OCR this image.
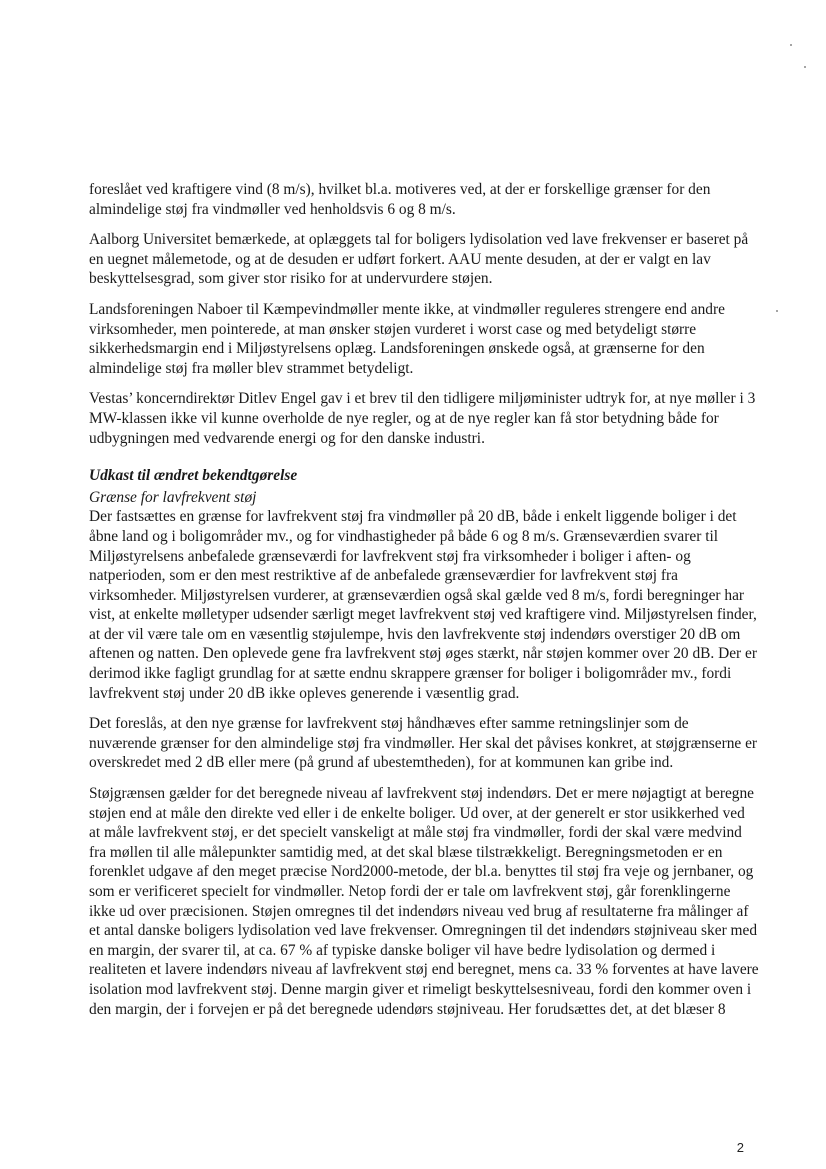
foreslået ved kraftigere vind (8 m/s), hvilket bl.a. motiveres ved, at der er forskellige grænser for den almindelige støj fra vindmøller ved henholdsvis 6 og 8 m/s.

Aalborg Universitet bemærkede, at oplæggets tal for boligers lydisolation ved lave frekvenser er baseret på en uegnet målemetode, og at de desuden er udført forkert. AAU mente desuden, at der er valgt en lav beskyttelsesgrad, som giver stor risiko for at undervurdere støjen.

Landsforeningen Naboer til Kæmpevindmøller mente ikke, at vindmøller reguleres strengere end andre virksomheder, men pointerede, at man ønsker støjen vurderet i worst case og med betydeligt større sikkerhedsmargin end i Miljøstyrelsens oplæg. Landsforeningen ønskede også, at grænserne for den almindelige støj fra møller blev strammet betydeligt.

Vestas’ koncerndirektør Ditlev Engel gav i et brev til den tidligere miljøminister udtryk for, at nye møller i 3 MW-klassen ikke vil kunne overholde de nye regler, og at de nye regler kan få stor betydning både for udbygningen med vedvarende energi og for den danske industri.

Udkast til ændret bekendtgørelse

Grænse for lavfrekvent støj

Der fastsættes en grænse for lavfrekvent støj fra vindmøller på 20 dB, både i enkelt liggende boliger i det åbne land og i boligområder mv., og for vindhastigheder på både 6 og 8 m/s. Grænseværdien svarer til Miljøstyrelsens anbefalede grænseværdi for lavfrekvent støj fra virksomheder i boliger i aften- og natperioden, som er den mest restriktive af de anbefalede grænseværdier for lavfrekvent støj fra virksomheder. Miljøstyrelsen vurderer, at grænseværdien også skal gælde ved 8 m/s, fordi beregninger har vist, at enkelte mølletyper udsender særligt meget lavfrekvent støj ved kraftigere vind. Miljøstyrelsen finder, at der vil være tale om en væsentlig støjulempe, hvis den lavfrekvente støj indendørs overstiger 20 dB om aftenen og natten. Den oplevede gene fra lavfrekvent støj øges stærkt, når støjen kommer over 20 dB. Der er derimod ikke fagligt grundlag for at sætte endnu skrappere grænser for boliger i boligområder mv., fordi lavfrekvent støj under 20 dB ikke opleves generende i væsentlig grad.

Det foreslås, at den nye grænse for lavfrekvent støj håndhæves efter samme retningslinjer som de nuværende grænser for den almindelige støj fra vindmøller. Her skal det påvises konkret, at støjgrænserne er overskredet med 2 dB eller mere (på grund af ubestemtheden), for at kommunen kan gribe ind.

Støjgrænsen gælder for det beregnede niveau af lavfrekvent støj indendørs. Det er mere nøjagtigt at beregne støjen end at måle den direkte ved eller i de enkelte boliger. Ud over, at der generelt er stor usikkerhed ved at måle lavfrekvent støj, er det specielt vanskeligt at måle støj fra vindmøller, fordi der skal være medvind fra møllen til alle målepunkter samtidig med, at det skal blæse tilstrækkeligt. Beregningsmetoden er en forenklet udgave af den meget præcise Nord2000-metode, der bl.a. benyttes til støj fra veje og jernbaner, og som er verificeret specielt for vindmøller. Netop fordi der er tale om lavfrekvent støj, går forenklingerne ikke ud over præcisionen. Støjen omregnes til det indendørs niveau ved brug af resultaterne fra målinger af et antal danske boligers lydisolation ved lave frekvenser. Omregningen til det indendørs støjniveau sker med en margin, der svarer til, at ca. 67 % af typiske danske boliger vil have bedre lydisolation og dermed i realiteten et lavere indendørs niveau af lavfrekvent støj end beregnet, mens ca. 33 % forventes at have lavere isolation mod lavfrekvent støj. Denne margin giver et rimeligt beskyttelsesniveau, fordi den kommer oven i den margin, der i forvejen er på det beregnede udendørs støjniveau. Her forudsættes det, at det blæser 8

2
